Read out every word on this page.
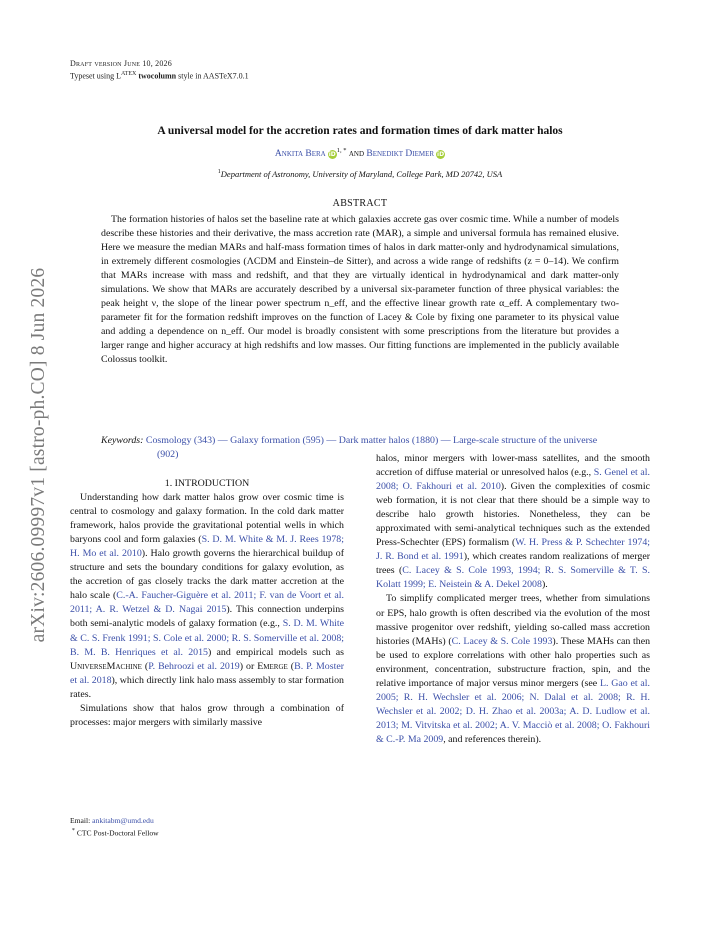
Draft version June 10, 2026
Typeset using $L^{ATEX}$ twocolumn style in AASTeX7.0.1
arXiv:2606.09997v1 [astro-ph.CO] 8 Jun 2026
A universal model for the accretion rates and formation times of dark matter halos
Ankita Bera $iD^{1, *}$ and Benedikt Diemer iD
$^1$Department of Astronomy, University of Maryland, College Park, MD 20742, USA
ABSTRACT

The formation histories of halos set the baseline rate at which galaxies accrete gas over cosmic time. While a number of models describe these histories and their derivative, the mass accretion rate (MAR), a simple and universal formula has remained elusive. Here we measure the median MARs and half-mass formation times of halos in dark matter-only and hydrodynamical simulations, in extremely different cosmologies (ΛCDM and Einstein–de Sitter), and across a wide range of redshifts (z = 0–14). We confirm that MARs increase with mass and redshift, and that they are virtually identical in hydrodynamical and dark matter-only simulations. We show that MARs are accurately described by a universal six-parameter function of three physical variables: the peak height ν, the slope of the linear power spectrum n_eff, and the effective linear growth rate α_eff. A complementary two-parameter fit for the formation redshift improves on the function of Lacey & Cole by fixing one parameter to its physical value and adding a dependence on n_eff. Our model is broadly consistent with some prescriptions from the literature but provides a larger range and higher accuracy at high redshifts and low masses. Our fitting functions are implemented in the publicly available Colossus toolkit.

Keywords: Cosmology (343) — Galaxy formation (595) — Dark matter halos (1880) — Large-scale structure of the universe (902)
1. INTRODUCTION

Understanding how dark matter halos grow over cosmic time is central to cosmology and galaxy formation. In the cold dark matter framework, halos provide the gravitational potential wells in which baryons cool and form galaxies (S. D. M. White & M. J. Rees 1978; H. Mo et al. 2010). Halo growth governs the hierarchical buildup of structure and sets the boundary conditions for galaxy evolution, as the accretion of gas closely tracks the dark matter accretion at the halo scale (C.-A. Faucher-Giguère et al. 2011; F. van de Voort et al. 2011; A. R. Wetzel & D. Nagai 2015). This connection underpins both semi-analytic models of galaxy formation (e.g., S. D. M. White & C. S. Frenk 1991; S. Cole et al. 2000; R. S. Somerville et al. 2008; B. M. B. Henriques et al. 2015) and empirical models such as UniverseMachine (P. Behroozi et al. 2019) or Emerge (B. P. Moster et al. 2018), which directly link halo mass assembly to star formation rates.

Simulations show that halos grow through a combination of processes: major mergers with similarly massive

halos, minor mergers with lower-mass satellites, and the smooth accretion of diffuse material or unresolved halos (e.g., S. Genel et al. 2008; O. Fakhouri et al. 2010). Given the complexities of cosmic web formation, it is not clear that there should be a simple way to describe halo growth histories. Nonetheless, they can be approximated with semi-analytical techniques such as the extended Press-Schechter (EPS) formalism (W. H. Press & P. Schechter 1974; J. R. Bond et al. 1991), which creates random realizations of merger trees (C. Lacey & S. Cole 1993, 1994; R. S. Somerville & T. S. Kolatt 1999; E. Neistein & A. Dekel 2008).

To simplify complicated merger trees, whether from simulations or EPS, halo growth is often described via the evolution of the most massive progenitor over redshift, yielding so-called mass accretion histories (MAHs) (C. Lacey & S. Cole 1993). These MAHs can then be used to explore correlations with other halo properties such as environment, concentration, substructure fraction, spin, and the relative importance of major versus minor mergers (see L. Gao et al. 2005; R. H. Wechsler et al. 2006; N. Dalal et al. 2008; R. H. Wechsler et al. 2002; D. H. Zhao et al. 2003a; A. D. Ludlow et al. 2013; M. Vitvitska et al. 2002; A. V. Macciò et al. 2008; O. Fakhouri & C.-P. Ma 2009, and references therein).

Email: ankitabm@umd.edu
* CTC Post-Doctoral Fellow
